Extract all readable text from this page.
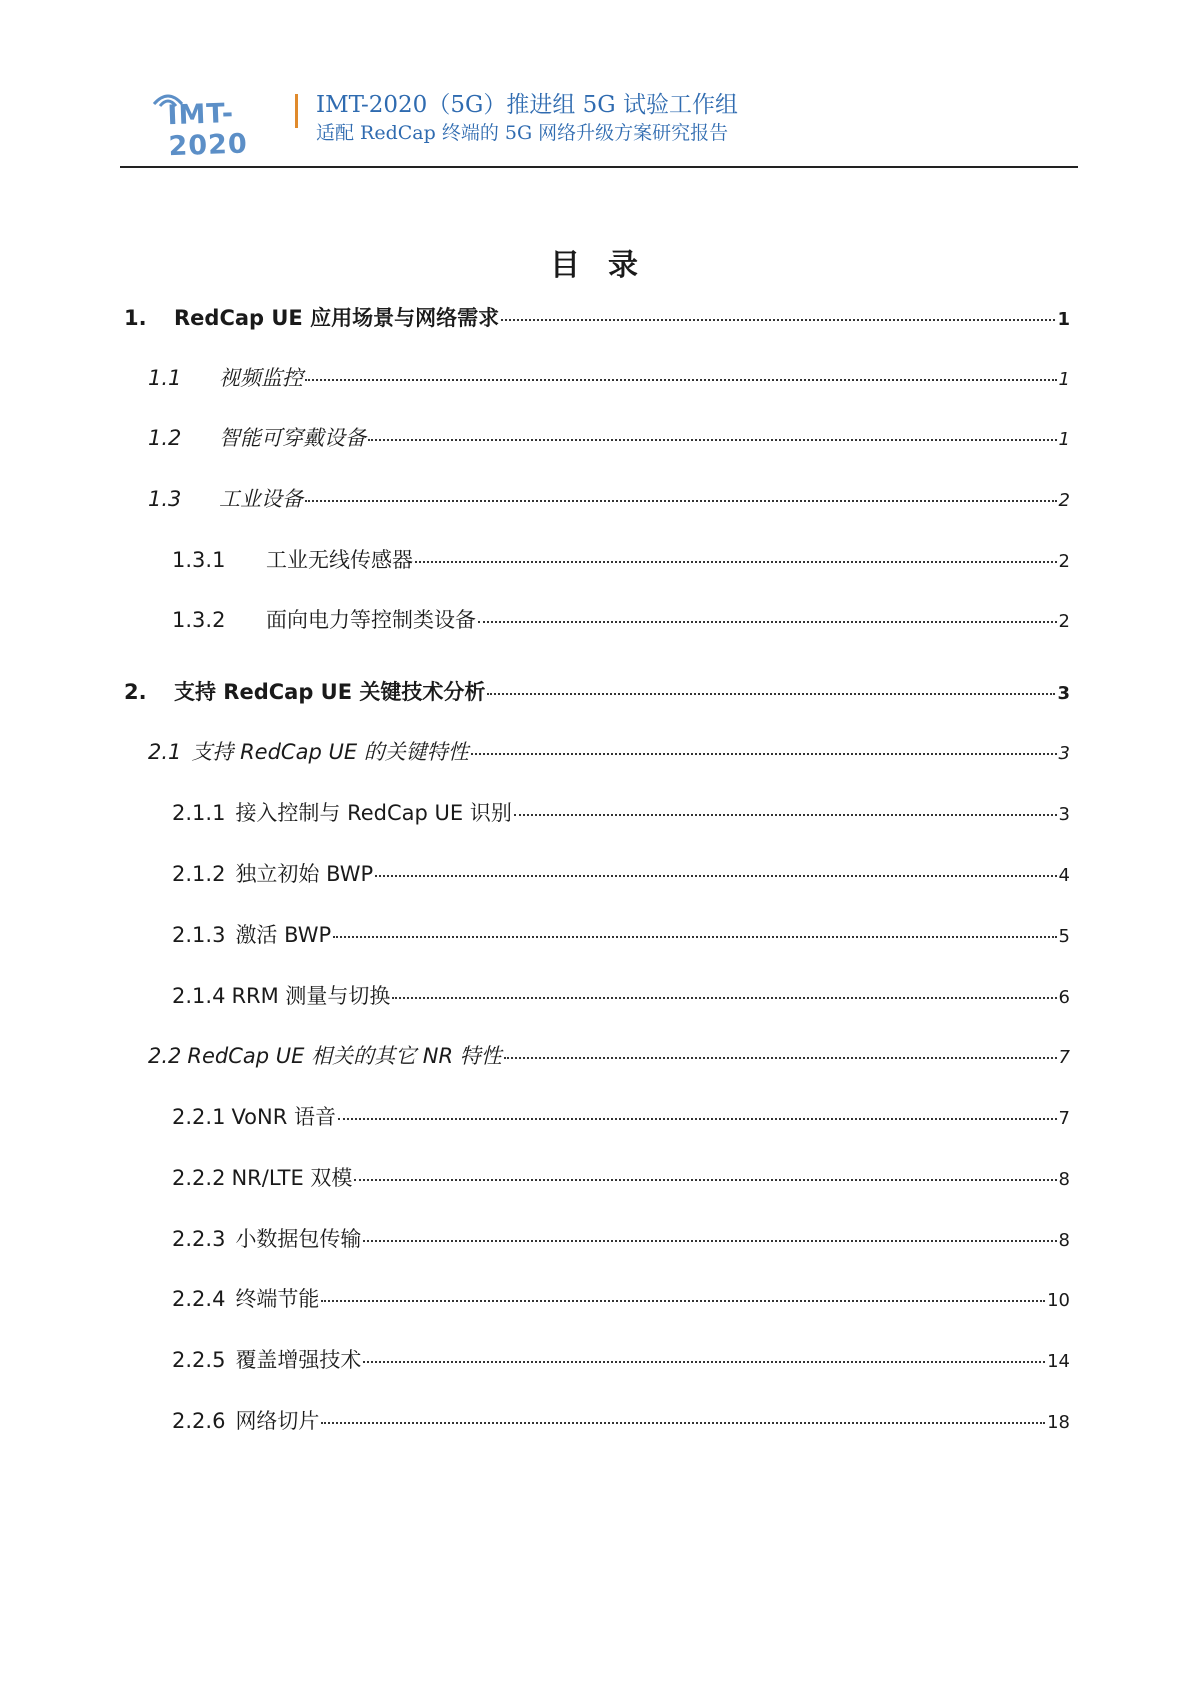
IMT-2020
IMT-2020（5G）推进组 5G 试验工作组
适配 RedCap 终端的 5G 网络升级方案研究报告
目录
1.	RedCap UE 应用场景与网络需求	1
1.1	视频监控	1
1.2	智能可穿戴设备	1
1.3	工业设备	2
1.3.1	工业无线传感器	2
1.3.2	面向电力等控制类设备	2
2.	支持 RedCap UE 关键技术分析	3
2.1 支持 RedCap UE 的关键特性	3
2.1.1 接入控制与 RedCap UE 识别	3
2.1.2 独立初始 BWP	4
2.1.3 激活 BWP	5
2.1.4 RRM 测量与切换	6
2.2 RedCap UE 相关的其它 NR 特性	7
2.2.1 VoNR 语音	7
2.2.2 NR/LTE 双模	8
2.2.3 小数据包传输	8
2.2.4 终端节能	10
2.2.5 覆盖增强技术	14
2.2.6 网络切片	18
